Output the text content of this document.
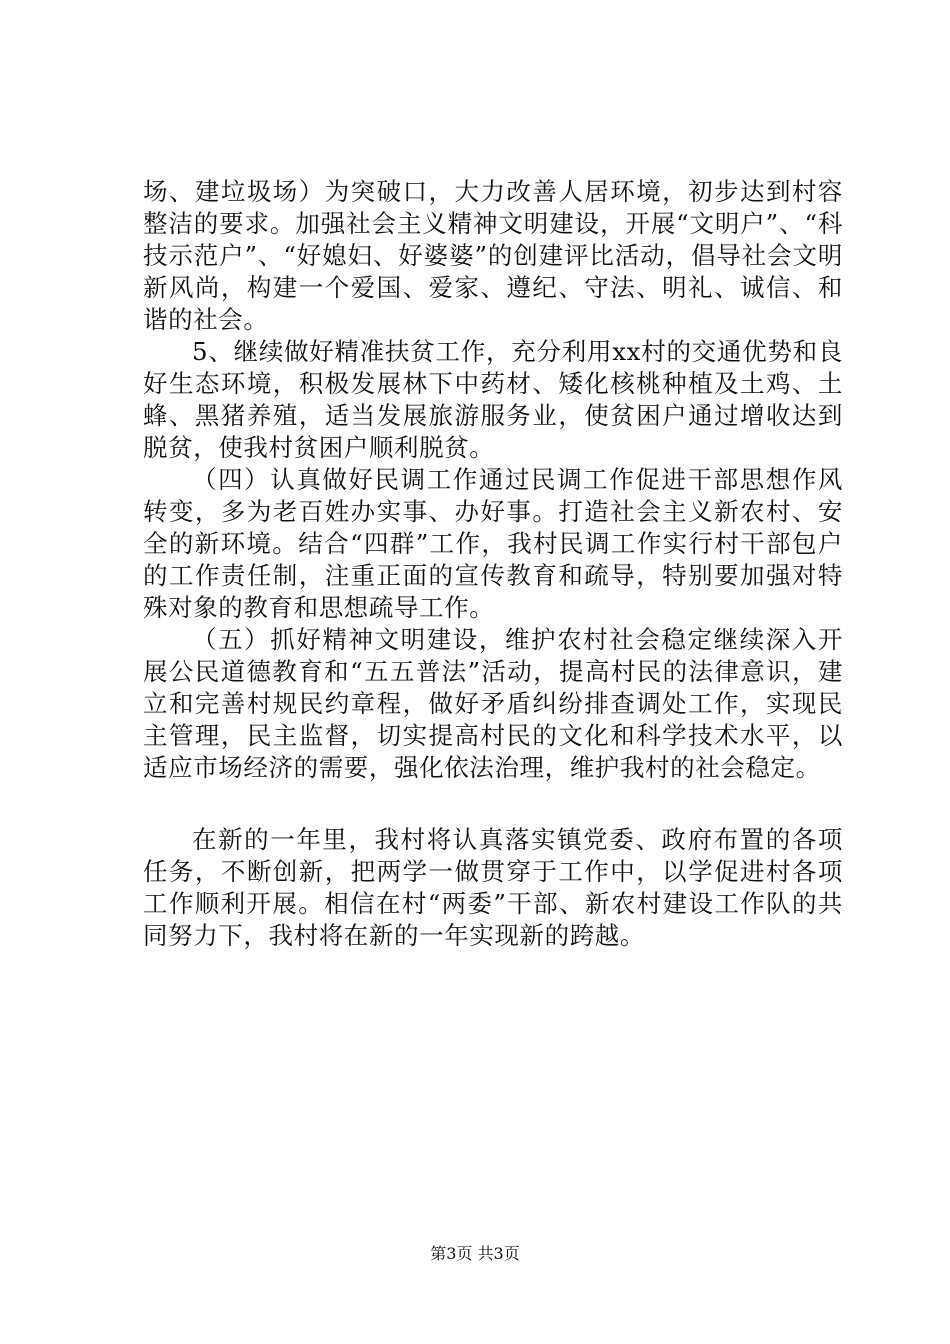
场、建垃圾场）为突破口，大力改善人居环境，初步达到村容整洁的要求。加强社会主义精神文明建设，开展“文明户”、“科技示范户”、“好媳妇、好婆婆”的创建评比活动，倡导社会文明新风尚，构建一个爱国、爱家、遵纪、守法、明礼、诚信、和谐的社会。

5、继续做好精准扶贫工作，充分利用xx村的交通优势和良好生态环境，积极发展林下中药材、矮化核桃种植及土鸡、土蜂、黑猪养殖，适当发展旅游服务业，使贫困户通过增收达到脱贫，使我村贫困户顺利脱贫。

（四）认真做好民调工作通过民调工作促进干部思想作风转变，多为老百姓办实事、办好事。打造社会主义新农村、安全的新环境。结合“四群”工作，我村民调工作实行村干部包户的工作责任制，注重正面的宣传教育和疏导，特别要加强对特殊对象的教育和思想疏导工作。

（五）抓好精神文明建设，维护农村社会稳定继续深入开展公民道德教育和“五五普法”活动，提高村民的法律意识，建立和完善村规民约章程，做好矛盾纠纷排查调处工作，实现民主管理，民主监督，切实提高村民的文化和科学技术水平，以适应市场经济的需要，强化依法治理，维护我村的社会稳定。

在新的一年里，我村将认真落实镇党委、政府布置的各项任务，不断创新，把两学一做贯穿于工作中，以学促进村各项工作顺利开展。相信在村“两委”干部、新农村建设工作队的共同努力下，我村将在新的一年实现新的跨越。

第3页 共3页
